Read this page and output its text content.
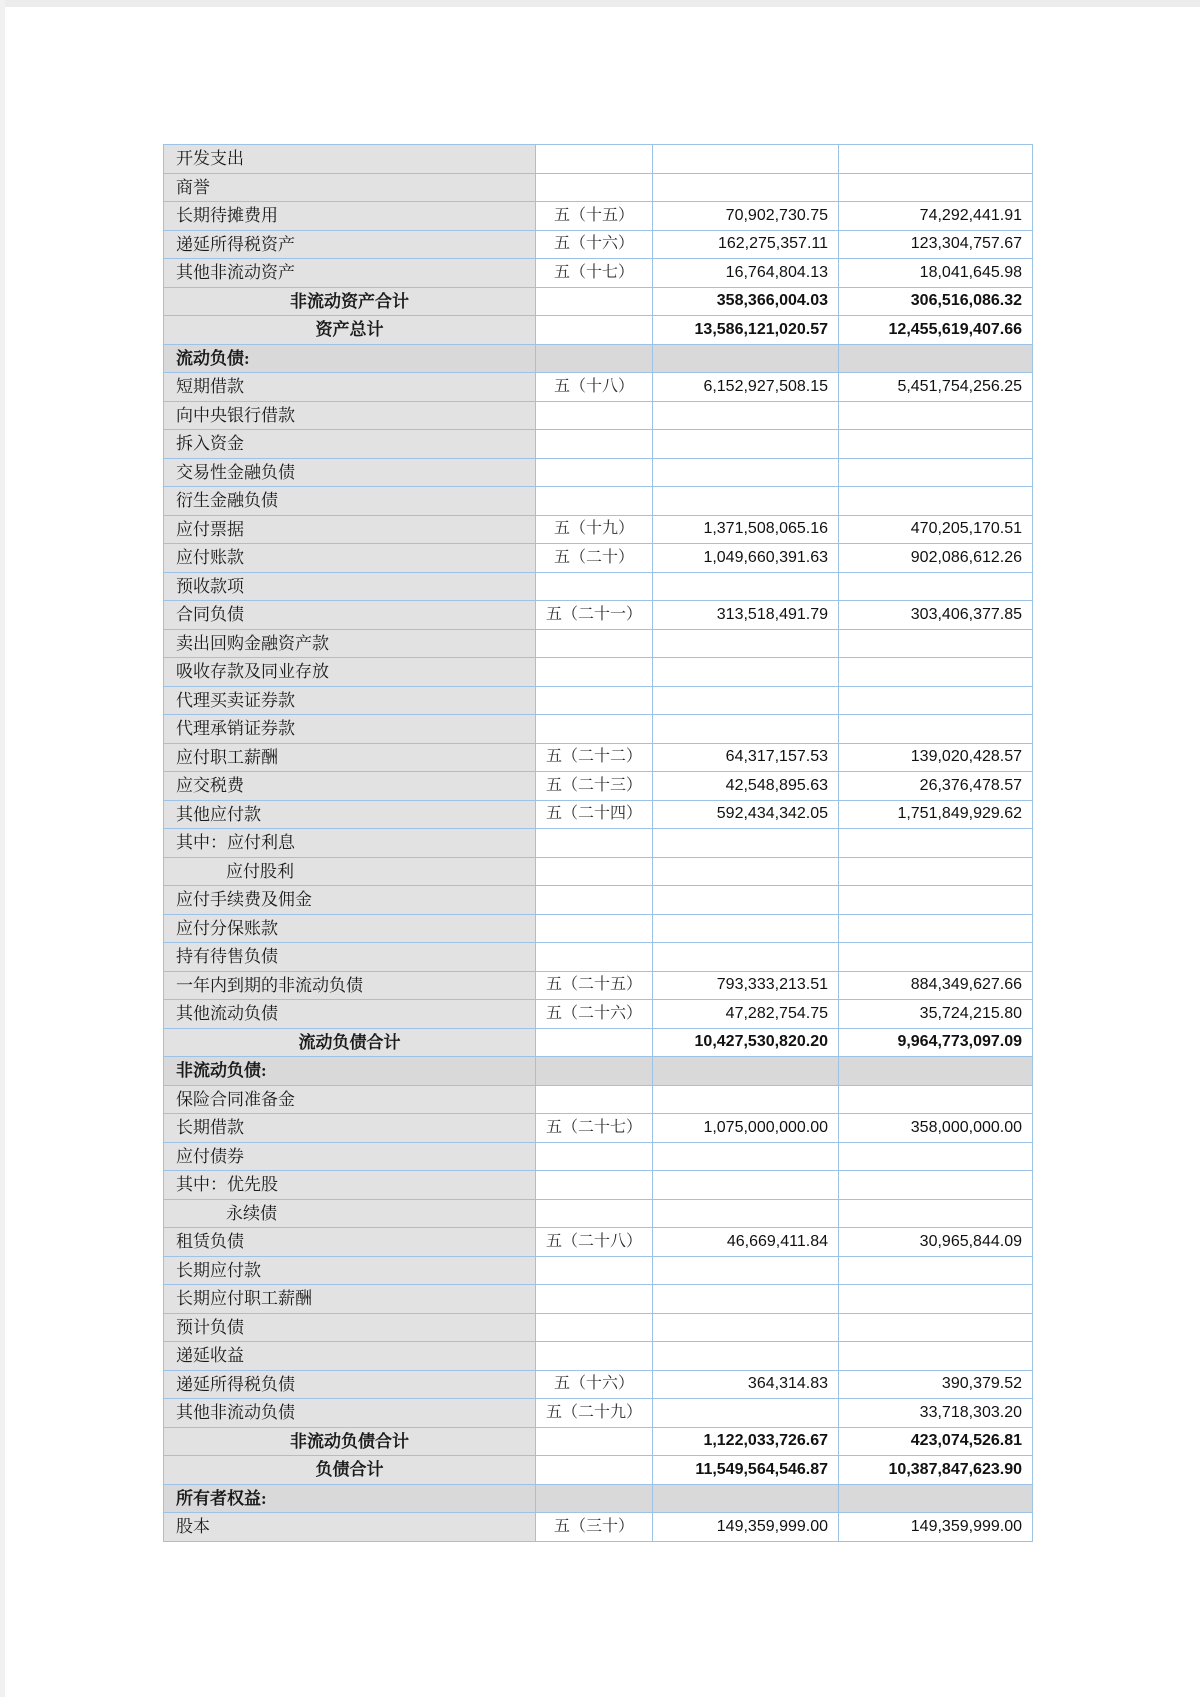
开发支出			
商誉			
长期待摊费用	五（十五）	70,902,730.75	74,292,441.91
递延所得税资产	五（十六）	162,275,357.11	123,304,757.67
其他非流动资产	五（十七）	16,764,804.13	18,041,645.98
非流动资产合计		358,366,004.03	306,516,086.32
资产总计		13,586,121,020.57	12,455,619,407.66
流动负债:			
短期借款	五（十八）	6,152,927,508.15	5,451,754,256.25
向中央银行借款			
拆入资金			
交易性金融负债			
衍生金融负债			
应付票据	五（十九）	1,371,508,065.16	470,205,170.51
应付账款	五（二十）	1,049,660,391.63	902,086,612.26
预收款项			
合同负债	五（二十一）	313,518,491.79	303,406,377.85
卖出回购金融资产款			
吸收存款及同业存放			
代理买卖证券款			
代理承销证券款			
应付职工薪酬	五（二十二）	64,317,157.53	139,020,428.57
应交税费	五（二十三）	42,548,895.63	26,376,478.57
其他应付款	五（二十四）	592,434,342.05	1,751,849,929.62
其中：应付利息			
应付股利			
应付手续费及佣金			
应付分保账款			
持有待售负债			
一年内到期的非流动负债	五（二十五）	793,333,213.51	884,349,627.66
其他流动负债	五（二十六）	47,282,754.75	35,724,215.80
流动负债合计		10,427,530,820.20	9,964,773,097.09
非流动负债:			
保险合同准备金			
长期借款	五（二十七）	1,075,000,000.00	358,000,000.00
应付债券			
其中：优先股			
永续债			
租赁负债	五（二十八）	46,669,411.84	30,965,844.09
长期应付款			
长期应付职工薪酬			
预计负债			
递延收益			
递延所得税负债	五（十六）	364,314.83	390,379.52
其他非流动负债	五（二十九）		33,718,303.20
非流动负债合计		1,122,033,726.67	423,074,526.81
负债合计		11,549,564,546.87	10,387,847,623.90
所有者权益:			
股本	五（三十）	149,359,999.00	149,359,999.00
